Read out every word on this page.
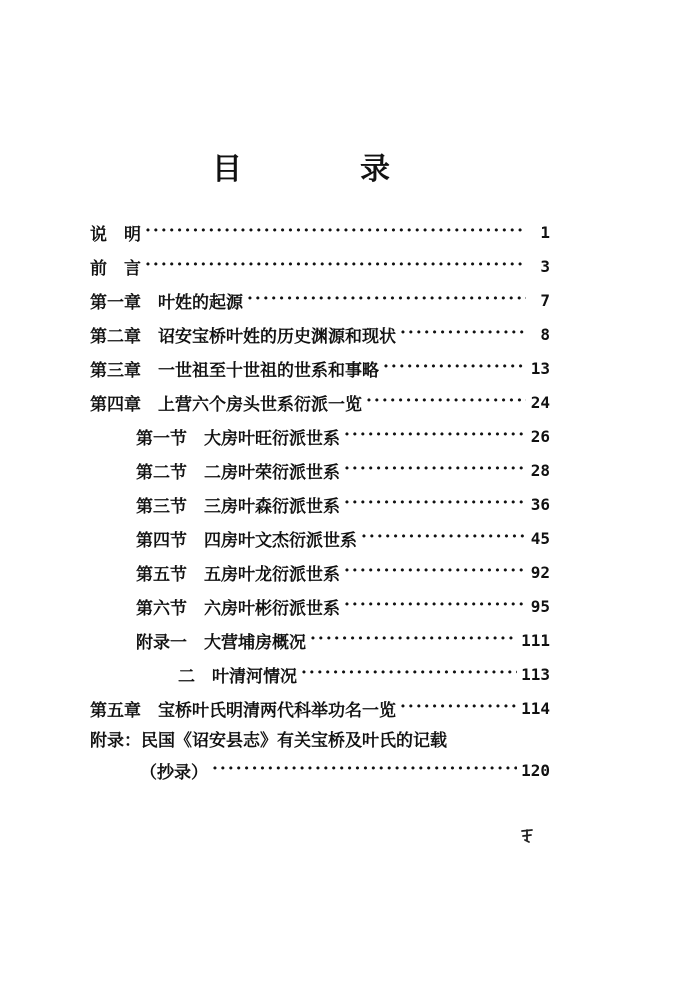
目　录
说　明 ·····	1
前　言 ·····	3
第一章　叶姓的起源 ·····	7
第二章　诏安宝桥叶姓的历史渊源和现状 ·····	8
第三章　一世祖至十世祖的世系和事略 ·····	13
第四章　上营六个房头世系衍派一览 ·····	24
第一节　大房叶旺衍派世系 ·····	26
第二节　二房叶荣衍派世系 ·····	28
第三节　三房叶森衍派世系 ·····	36
第四节　四房叶文杰衍派世系 ·····	45
第五节　五房叶龙衍派世系 ·····	92
第六节　六房叶彬衍派世系 ·····	95
附录一　大营埔房概况 ·····	111
二　叶清河情况 ·····	113
第五章　宝桥叶氏明清两代科举功名一览 ·····	114
附录：民国《诏安县志》有关宝桥及叶氏的记载
（抄录） ·····	120
